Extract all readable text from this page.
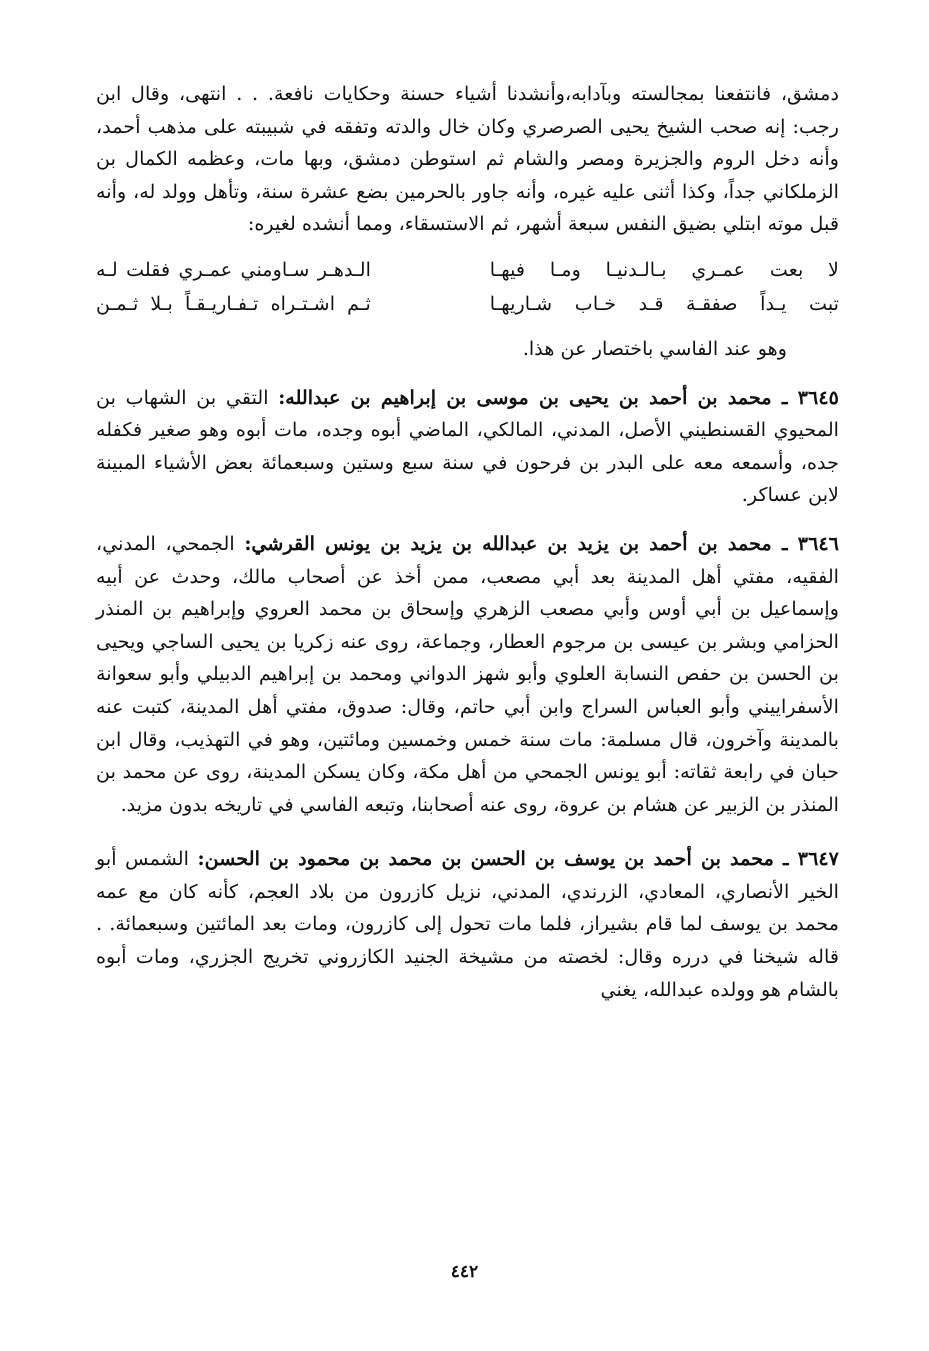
دمشق، فانتفعنا بمجالسته وبآدابه،وأنشدنا أشياء حسنة وحكايات نافعة. . . انتهى، وقال ابن رجب: إنه صحب الشيخ يحيى الصرصري وكان خال والدته وتفقه في شبيبته على مذهب أحمد، وأنه دخل الروم والجزيرة ومصر والشام ثم استوطن دمشق، وبها مات، وعظمه الكمال بن الزملكاني جداً، وكذا أثنى عليه غيره، وأنه جاور بالحرمين بضع عشرة سنة، وتأهل وولد له، وأنه قبل موته ابتلي بضيق النفس سبعة أشهر، ثم الاستسقاء، ومما أنشده لغيره:

لا بعت عمـري بـالـدنيـا ومـا فيهـا
الـدهـر سـاومني عمـري فقلت لـه
تبت يـداً صفقـة قـد خـاب شـاريهـا
ثـم اشـتـراه تـفـاريـقـاً بـلا ثـمـن

وهو عند الفاسي باختصار عن هذا.

٣٦٤٥ ـ محمد بن أحمد بن يحيى بن موسى بن إبراهيم بن عبدالله: التقي بن الشهاب بن المحيوي القسنطيني الأصل، المدني، المالكي، الماضي أبوه وجده، مات أبوه وهو صغير فكفله جده، وأسمعه معه على البدر بن فرحون في سنة سبع وستين وسبعمائة بعض الأشياء المبينة لابن عساكر.

٣٦٤٦ ـ محمد بن أحمد بن يزيد بن عبدالله بن يزيد بن يونس القرشي: الجمحي، المدني، الفقيه، مفتي أهل المدينة بعد أبي مصعب، ممن أخذ عن أصحاب مالك، وحدث عن أبيه وإسماعيل بن أبي أوس وأبي مصعب الزهري وإسحاق بن محمد العروي وإبراهيم بن المنذر الحزامي وبشر بن عيسى بن مرجوم العطار، وجماعة، روى عنه زكريا بن يحيى الساجي ويحيى بن الحسن بن حفص النسابة العلوي وأبو شهز الدواني ومحمد بن إبراهيم الدبيلي وأبو سعوانة الأسفراييني وأبو العباس السراج وابن أبي حاتم، وقال: صدوق، مفتي أهل المدينة، كتبت عنه بالمدينة وآخرون، قال مسلمة: مات سنة خمس وخمسين ومائتين، وهو في التهذيب، وقال ابن حبان في رابعة ثقاته: أبو يونس الجمحي من أهل مكة، وكان يسكن المدينة، روى عن محمد بن المنذر بن الزبير عن هشام بن عروة، روى عنه أصحابنا، وتبعه الفاسي في تاريخه بدون مزيد.

٣٦٤٧ ـ محمد بن أحمد بن يوسف بن الحسن بن محمد بن محمود بن الحسن: الشمس أبو الخير الأنصاري، المعادي، الزرندي، المدني، نزيل كازرون من بلاد العجم، كأنه كان مع عمه محمد بن يوسف لما قام بشيراز، فلما مات تحول إلى كازرون، ومات بعد المائتين وسبعمائة. . قاله شيخنا في درره وقال: لخصته من مشيخة الجنيد الكازروني تخريج الجزري، ومات أبوه بالشام هو وولده عبدالله، يغني

٤٤٢
